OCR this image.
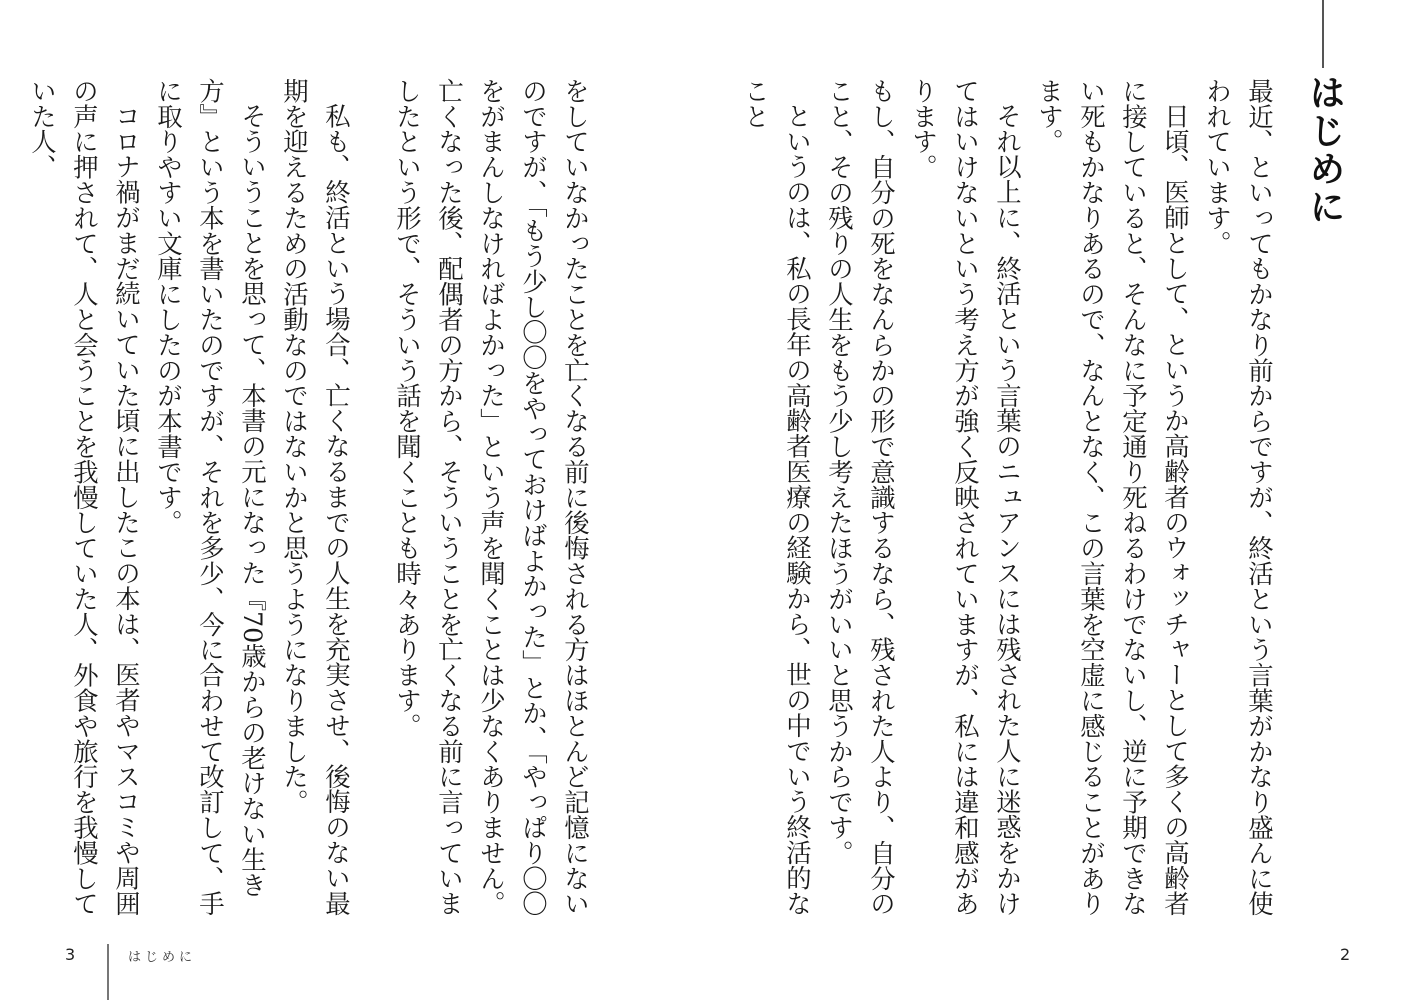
はじめに

最近、といってもかなり前からですが、終活という言葉がかなり盛んに使われています。

日頃、医師として、というか高齢者のウォッチャーとして多くの高齢者に接していると、そんなに予定通り死ねるわけでないし、逆に予期できない死もかなりあるので、なんとなく、この言葉を空虚に感じることがあります。

それ以上に、終活という言葉のニュアンスには残された人に迷惑をかけてはいけないという考え方が強く反映されていますが、私には違和感があります。

もし、自分の死をなんらかの形で意識するなら、残された人より、自分のこと、その残りの人生をもう少し考えたほうがいいと思うからです。

というのは、私の長年の高齢者医療の経験から、世の中でいう終活的なこと

をしていなかったことを亡くなる前に後悔される方はほとんど記憶にないのですが、「もう少し〇〇をやっておけばよかった」とか、「やっぱり〇〇をがまんしなければよかった」という声を聞くことは少なくありません。亡くなった後、配偶者の方から、そういうことを亡くなる前に言っていましたという形で、そういう話を聞くことも時々あります。

私も、終活という場合、亡くなるまでの人生を充実させ、後悔のない最期を迎えるための活動なのではないかと思うようになりました。

そういうことを思って、本書の元になった『70歳からの老けない生き方』という本を書いたのですが、それを多少、今に合わせて改訂して、手に取りやすい文庫にしたのが本書です。

コロナ禍がまだ続いていた頃に出したこの本は、医者やマスコミや周囲の声に押されて、人と会うことを我慢していた人、外食や旅行を我慢していた人、

3	はじめに	2
